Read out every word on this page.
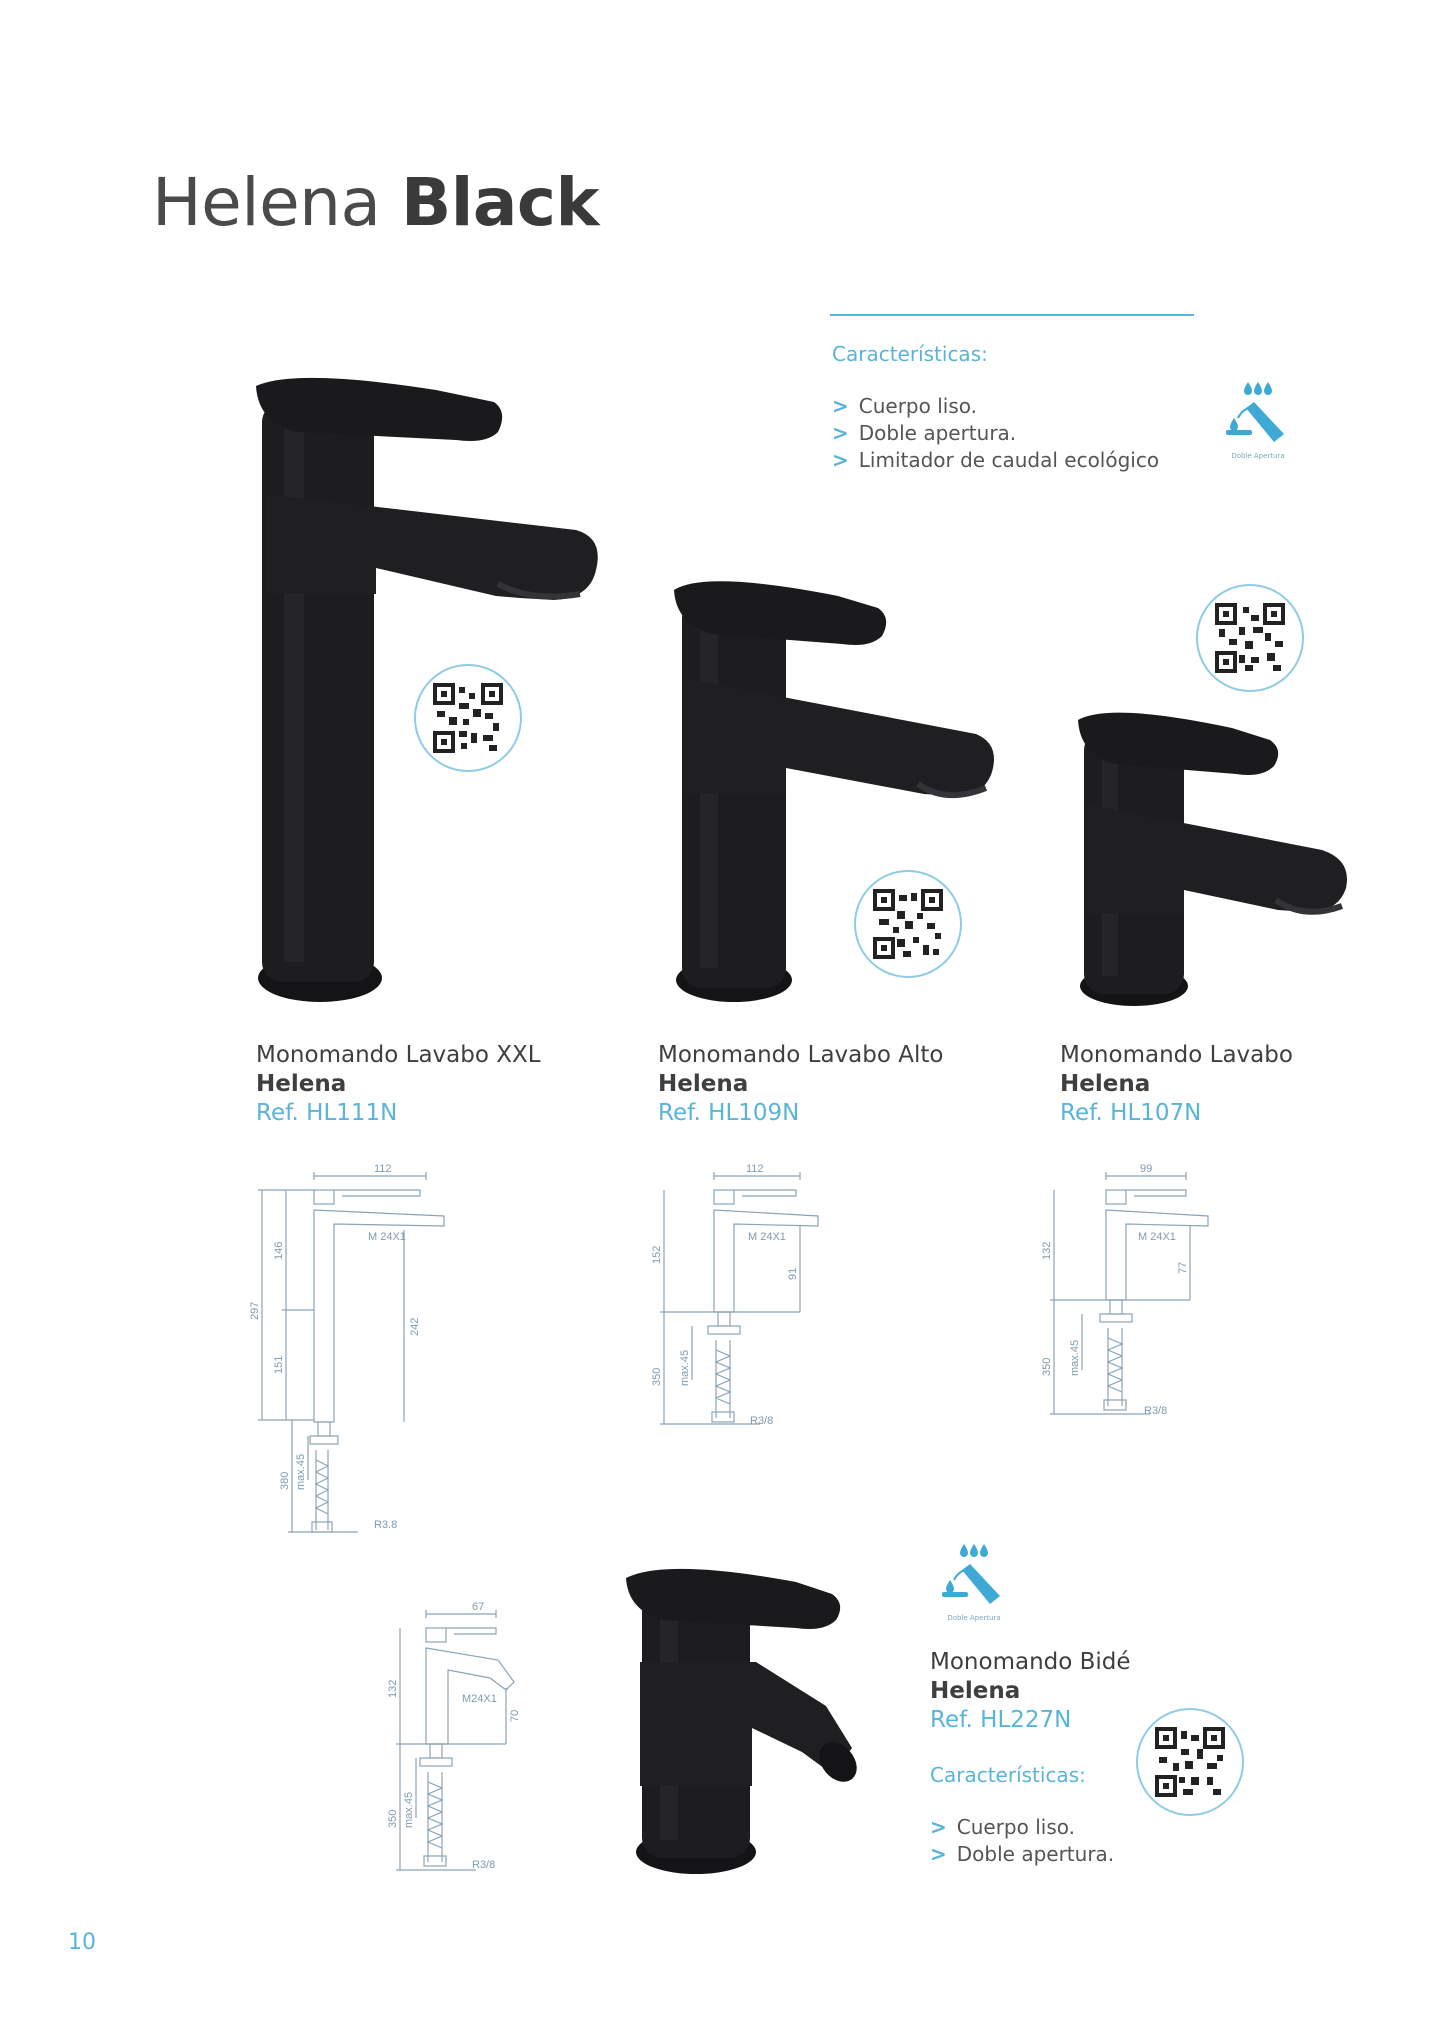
Helena Black
Características:
> Cuerpo liso.
> Doble apertura.
> Limitador de caudal ecológico	Doble Apertura
Monomando Lavabo XXL
Helena
Ref. HL111N
Monomando Lavabo Alto
Helena
Ref. HL109N
Monomando Lavabo
Helena
Ref. HL107N
112
M 24X1
146
297
151
242
380 max.45
R3.8
112
M 24X1
152
91
350 max.45
R3/8
99
M 24X1
132
77
350 max.45
R3/8
67
M24X1
132
70
350 max.45
R3/8
Doble Apertura
Monomando Bidé
Helena
Ref. HL227N
Características:
> Cuerpo liso.
> Doble apertura.
10
